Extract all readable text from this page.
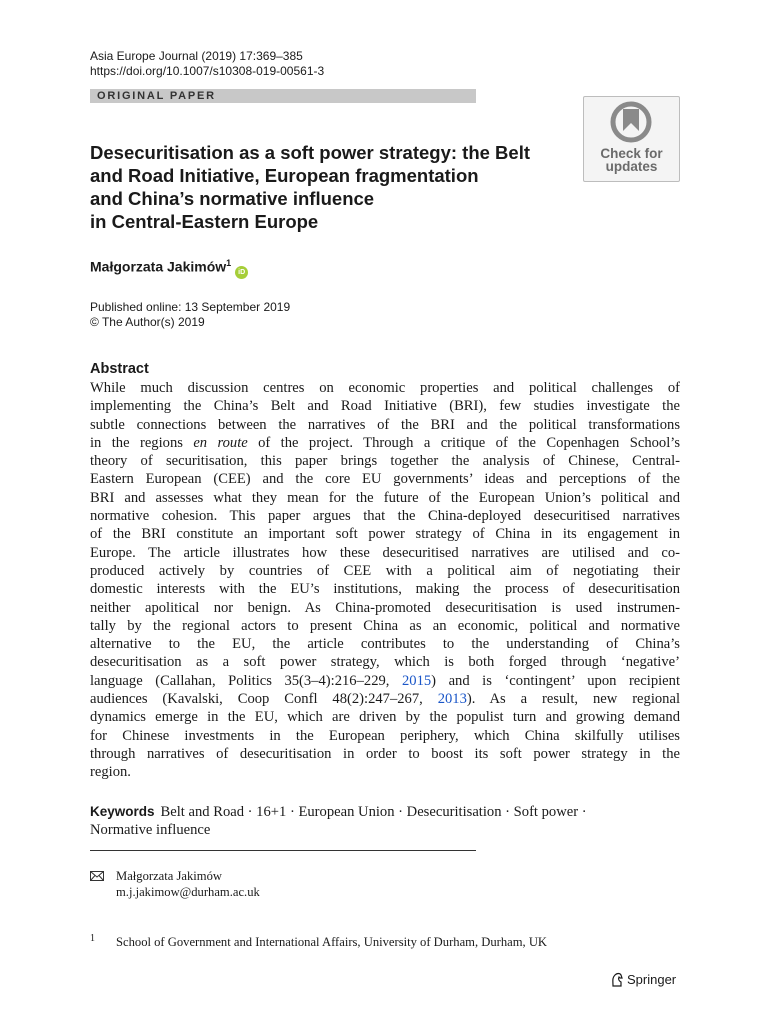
Asia Europe Journal (2019) 17:369–385
https://doi.org/10.1007/s10308-019-00561-3
ORIGINAL PAPER
Desecuritisation as a soft power strategy: the Belt
and Road Initiative, European fragmentation
and China’s normative influence
in Central-Eastern Europe
Check for
updates
Małgorzata Jakimów$^1$iD
Published online: 13 September 2019
© The Author(s) 2019
Abstract
While much discussion centres on economic properties and political challenges of
implementing the China’s Belt and Road Initiative (BRI), few studies investigate the
subtle connections between the narratives of the BRI and the political transformations
in the regions en route of the project. Through a critique of the Copenhagen School’s
theory of securitisation, this paper brings together the analysis of Chinese, Central-
Eastern European (CEE) and the core EU governments’ ideas and perceptions of the
BRI and assesses what they mean for the future of the European Union’s political and
normative cohesion. This paper argues that the China-deployed desecuritised narratives
of the BRI constitute an important soft power strategy of China in its engagement in
Europe. The article illustrates how these desecuritised narratives are utilised and co-
produced actively by countries of CEE with a political aim of negotiating their
domestic interests with the EU’s institutions, making the process of desecuritisation
neither apolitical nor benign. As China-promoted desecuritisation is used instrumen-
tally by the regional actors to present China as an economic, political and normative
alternative to the EU, the article contributes to the understanding of China’s
desecuritisation as a soft power strategy, which is both forged through ‘negative’
language (Callahan, Politics 35(3–4):216–229, 2015) and is ‘contingent’ upon recipient
audiences (Kavalski, Coop Confl 48(2):247–267, 2013). As a result, new regional
dynamics emerge in the EU, which are driven by the populist turn and growing demand
for Chinese investments in the European periphery, which China skilfully utilises
through narratives of desecuritisation in order to boost its soft power strategy in the
region.
Keywords Belt and Road · 16+1 · European Union · Desecuritisation · Soft power ·
Normative influence
Małgorzata Jakimów
m.j.jakimow@durham.ac.uk
1 School of Government and International Affairs, University of Durham, Durham, UK
Springer
